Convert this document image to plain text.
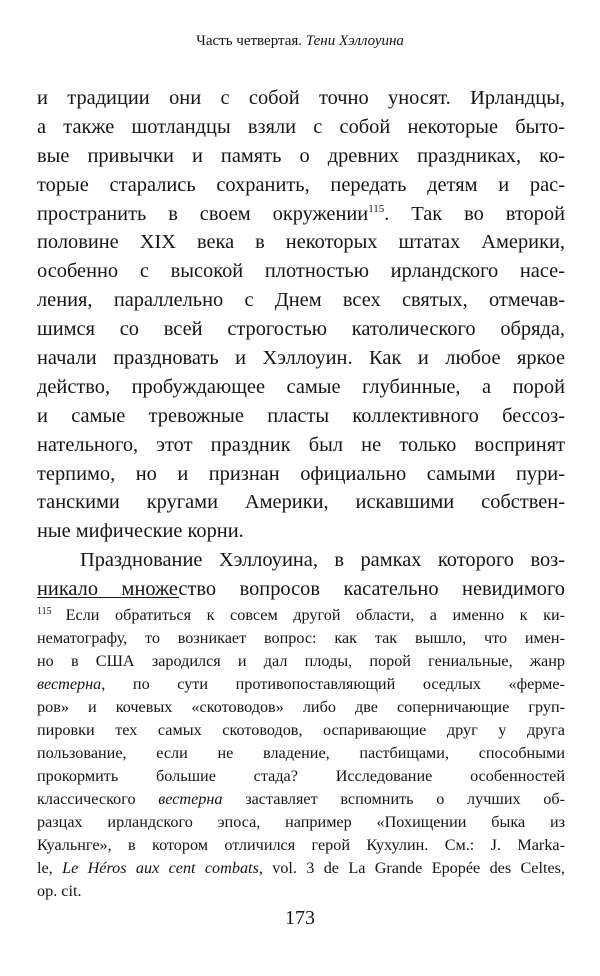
Часть четвертая. Тени Хэллоуина
и традиции они с собой точно уносят. Ирландцы,
а также шотландцы взяли с собой некоторые быто-
вые привычки и память о древних праздниках, ко-
торые старались сохранить, передать детям и рас-
пространить в своем окружении$^{115}$. Так во второй
половине XIX века в некоторых штатах Америки,
особенно с высокой плотностью ирландского насе-
ления, параллельно с Днем всех святых, отмечав-
шимся со всей строгостью католического обряда,
начали праздновать и Хэллоуин. Как и любое яркое
действо, пробуждающее самые глубинные, а порой
и самые тревожные пласты коллективного бессоз-
нательного, этот праздник был не только воспринят
терпимо, но и признан официально самыми пури-
танскими кругами Америки, искавшими собствен-
ные мифические корни.
Празднование Хэллоуина, в рамках которого воз-
никало множество вопросов касательно невидимого
$^{115}$ Если обратиться к совсем другой области, а именно к ки-
нематографу, то возникает вопрос: как так вышло, что имен-
но в США зародился и дал плоды, порой гениальные, жанр
вестерна, по сути противопоставляющий оседлых «ферме-
ров» и кочевых «скотоводов» либо две соперничающие груп-
пировки тех самых скотоводов, оспаривающие друг у друга
пользование, если не владение, пастбищами, способными
прокормить большие стада? Исследование особенностей
классического вестерна заставляет вспомнить о лучших об-
разцах ирландского эпоса, например «Похищении быка из
Куальнге», в котором отличился герой Кухулин. См.: J. Marka-
le, Le Héros aux cent combats, vol. 3 de La Grande Epopée des Celtes,
op. cit.
173
